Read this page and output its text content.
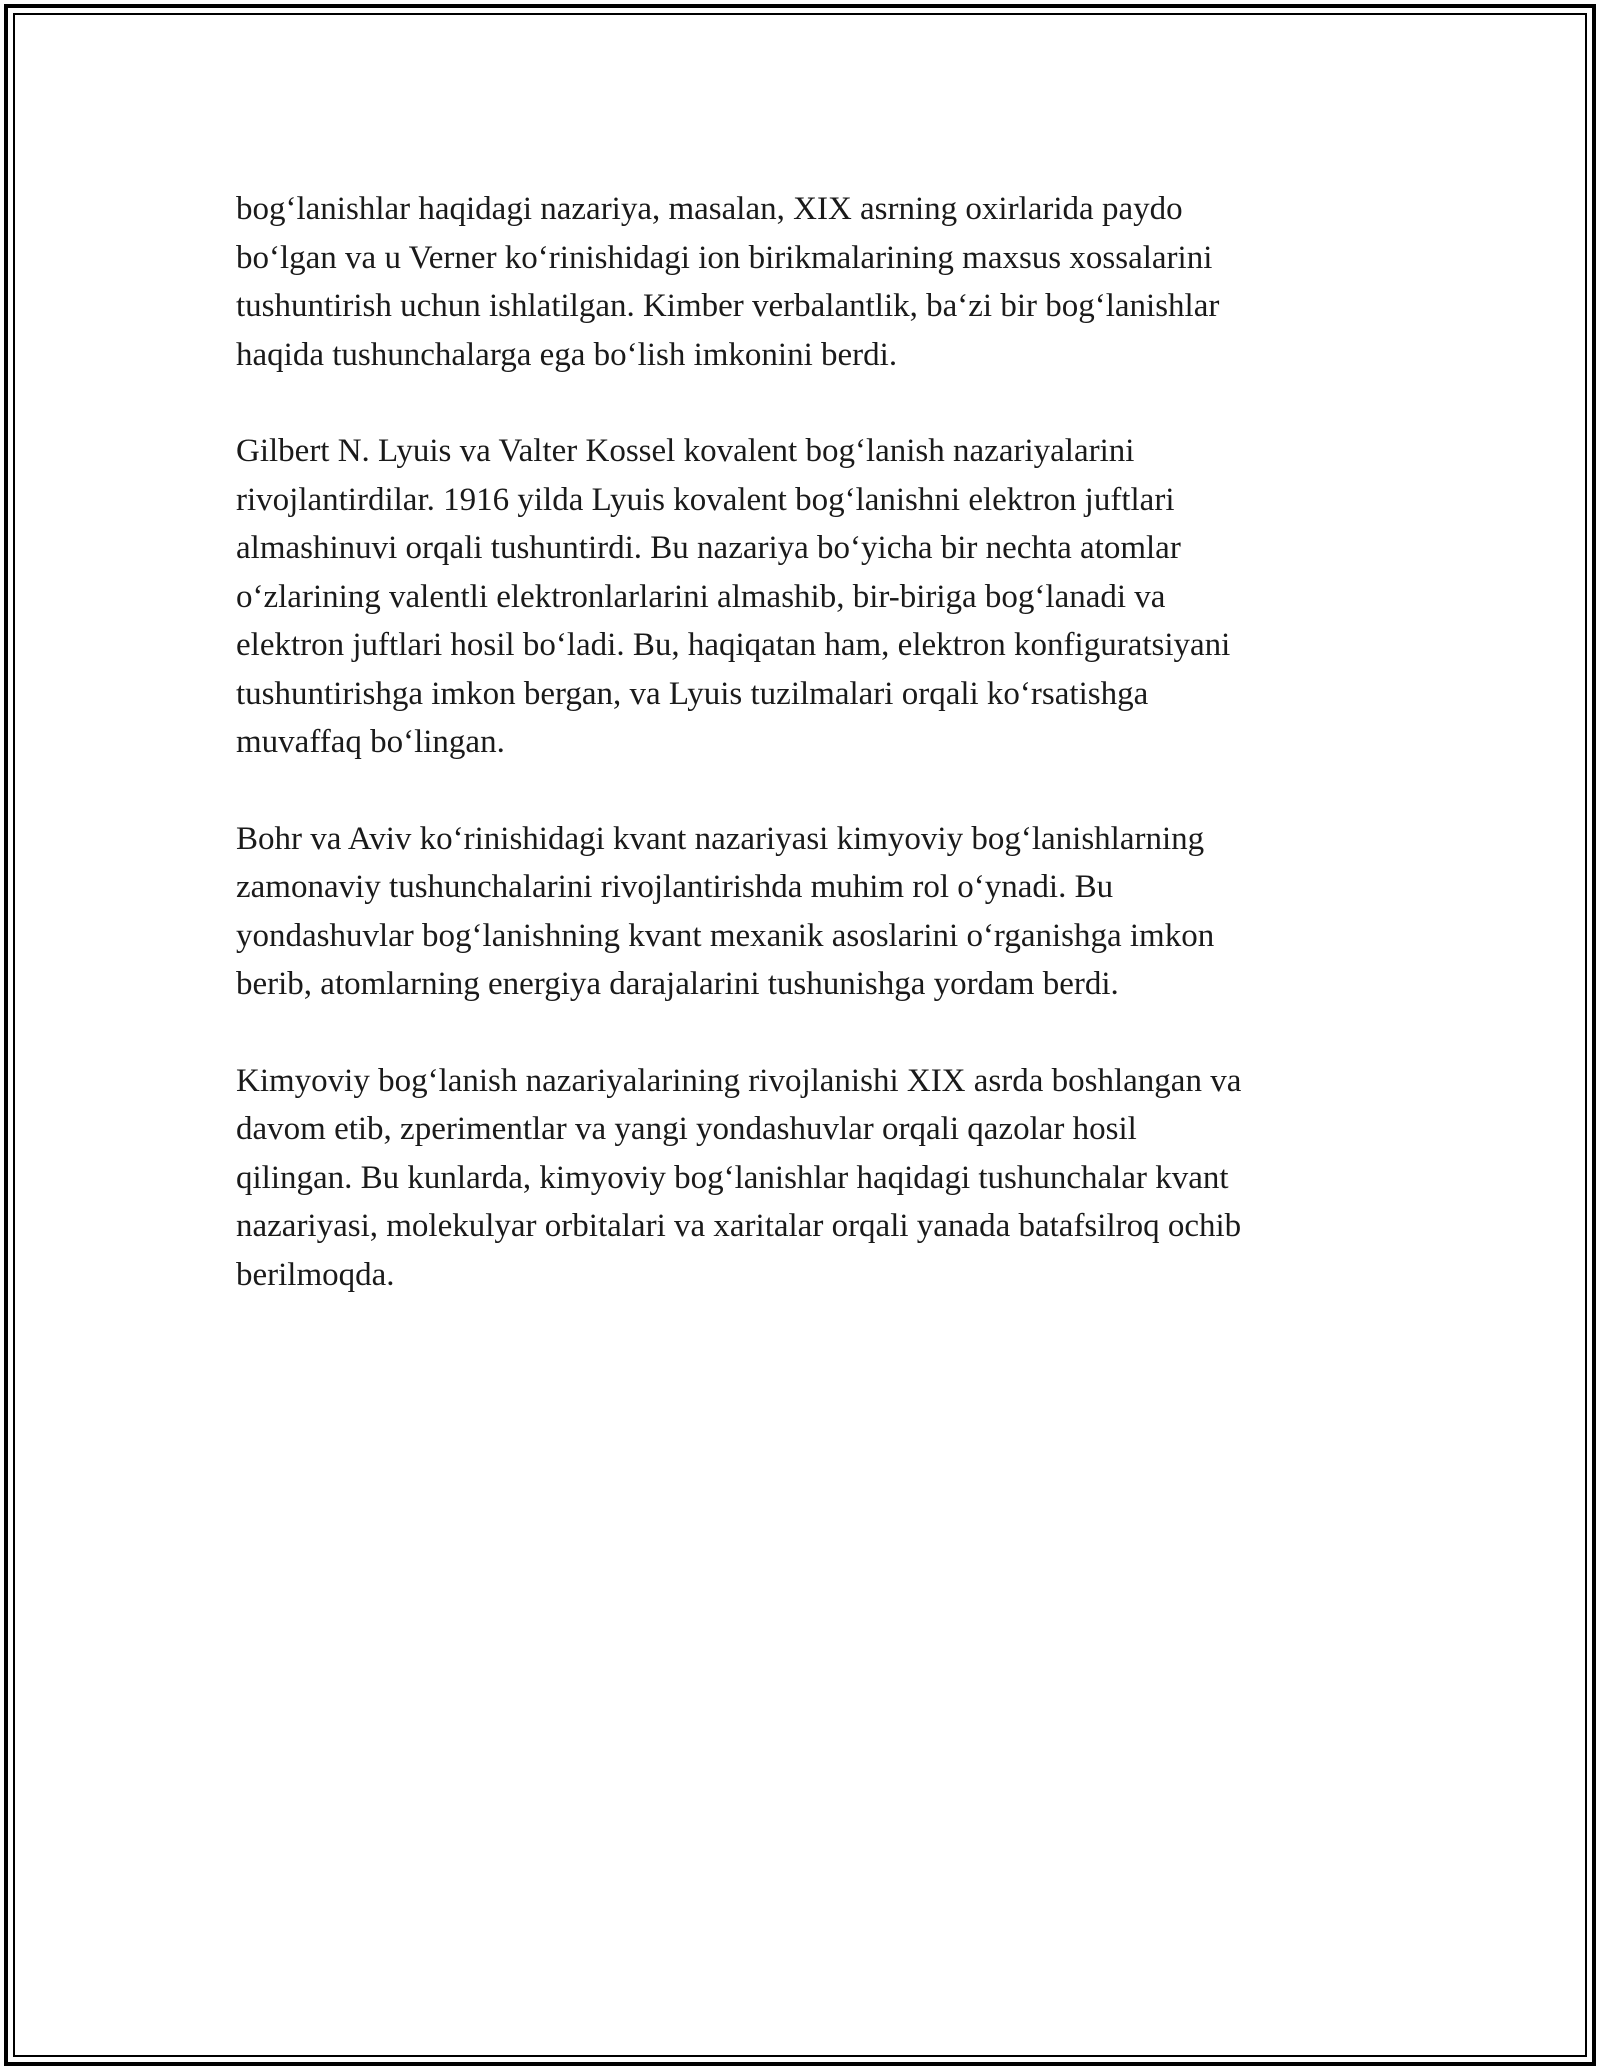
bog‘lanishlar haqidagi nazariya, masalan, XIX asrning oxirlarida paydo
bo‘lgan va u Verner ko‘rinishidagi ion birikmalarining maxsus xossalarini
tushuntirish uchun ishlatilgan. Kimber verbalantlik, ba‘zi bir bog‘lanishlar
haqida tushunchalarga ega bo‘lish imkonini berdi.

Gilbert N. Lyuis va Valter Kossel kovalent bog‘lanish nazariyalarini
rivojlantirdilar. 1916 yilda Lyuis kovalent bog‘lanishni elektron juftlari
almashinuvi orqali tushuntirdi. Bu nazariya bo‘yicha bir nechta atomlar
o‘zlarining valentli elektronlarlarini almashib, bir-biriga bog‘lanadi va
elektron juftlari hosil bo‘ladi. Bu, haqiqatan ham, elektron konfiguratsiyani
tushuntirishga imkon bergan, va Lyuis tuzilmalari orqali ko‘rsatishga
muvaffaq bo‘lingan.

Bohr va Aviv ko‘rinishidagi kvant nazariyasi kimyoviy bog‘lanishlarning
zamonaviy tushunchalarini rivojlantirishda muhim rol o‘ynadi. Bu
yondashuvlar bog‘lanishning kvant mexanik asoslarini o‘rganishga imkon
berib, atomlarning energiya darajalarini tushunishga yordam berdi.

Kimyoviy bog‘lanish nazariyalarining rivojlanishi XIX asrda boshlangan va
davom etib, zperimentlar va yangi yondashuvlar orqali qazolar hosil
qilingan. Bu kunlarda, kimyoviy bog‘lanishlar haqidagi tushunchalar kvant
nazariyasi, molekulyar orbitalari va xaritalar orqali yanada batafsilroq ochib
berilmoqda.
